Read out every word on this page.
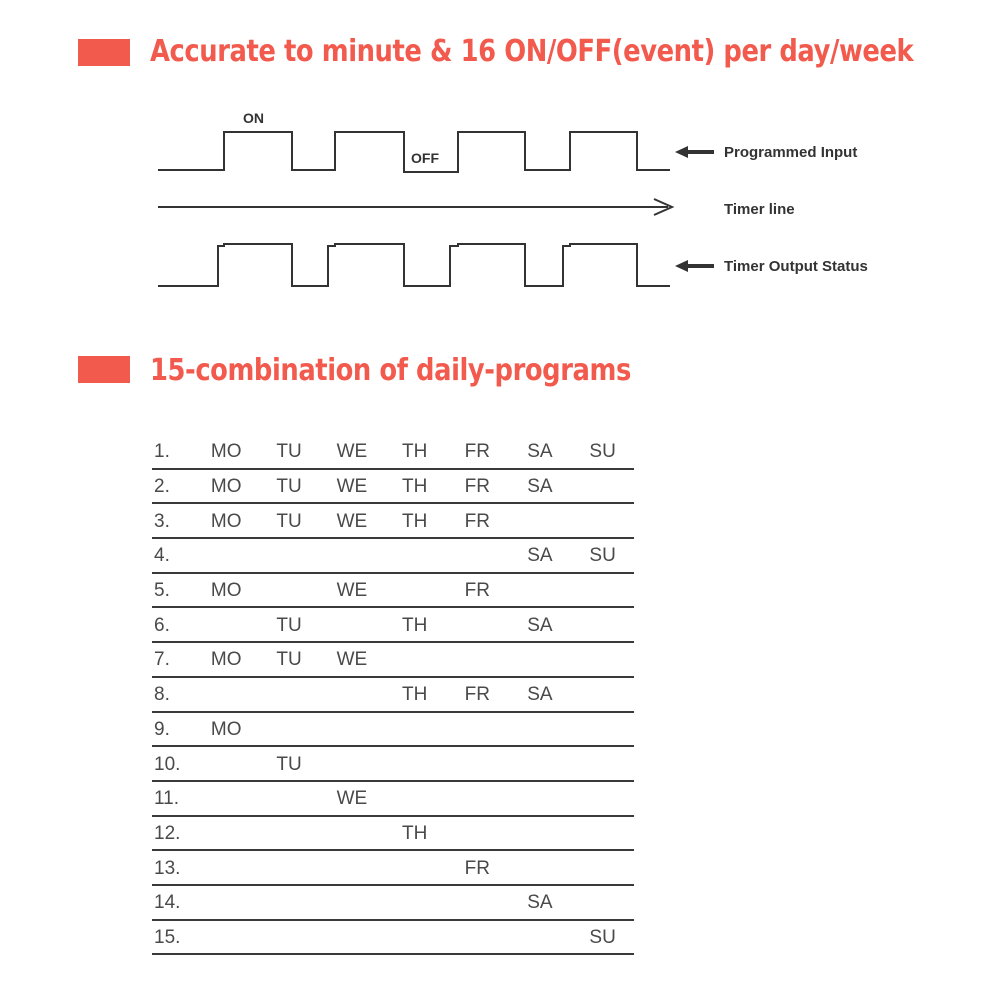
Accurate to minute & 16 ON/OFF(event) per day/week
ON
OFF	Programmed Input
Timer line
Timer Output Status
15-combination of daily-programs
1.	MO	TU	WE	TH	FR	SA	SU
2.	MO	TU	WE	TH	FR	SA	
3.	MO	TU	WE	TH	FR		
4.						SA	SU
5.	MO		WE		FR		
6.		TU		TH		SA	
7.	MO	TU	WE				
8.				TH	FR	SA	
9.	MO						
10.		TU					
11.			WE				
12.				TH			
13.					FR		
14.						SA	
15.							SU
